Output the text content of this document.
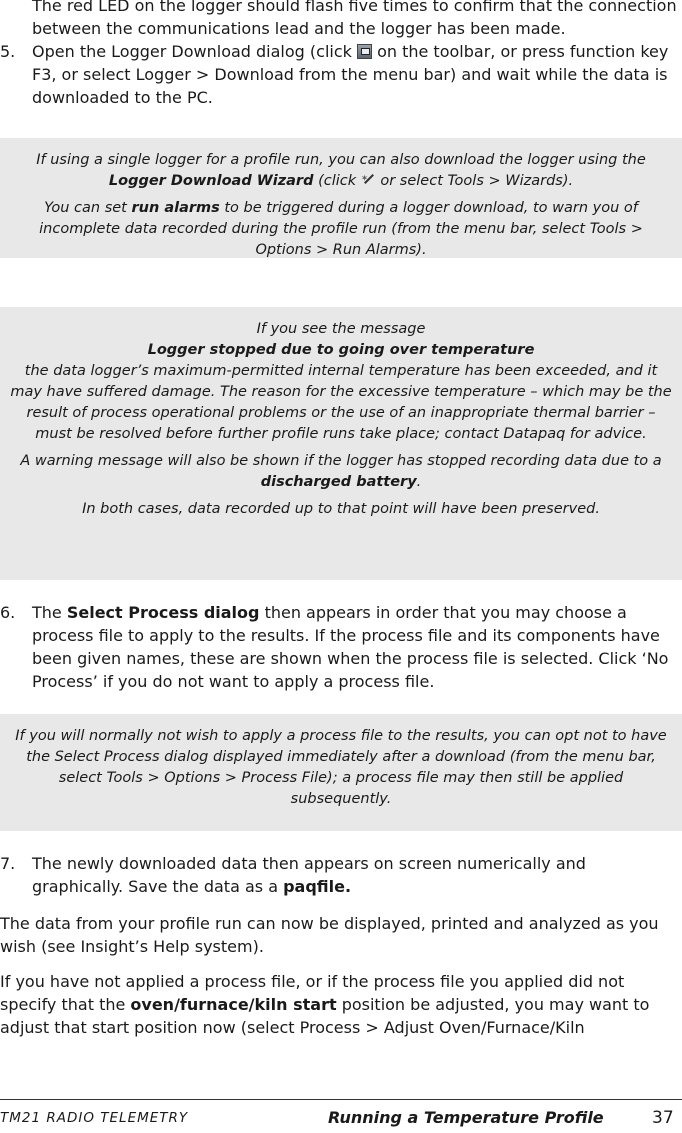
The red LED on the logger should flash five times to confirm that the connection between the communications lead and the logger has been made.
5. Open the Logger Download dialog (click  on the toolbar, or press function key F3, or select Logger > Download from the menu bar) and wait while the data is downloaded to the PC.

If using a single logger for a profile run, you can also download the logger using the Logger Download Wizard (click ✶ or select Tools > Wizards).

You can set run alarms to be triggered during a logger download, to warn you of incomplete data recorded during the profile run (from the menu bar, select Tools > Options > Run Alarms).

If you see the message

Logger stopped due to going over temperature

the data logger’s maximum-permitted internal temperature has been exceeded, and it may have suffered damage. The reason for the excessive temperature – which may be the result of process operational problems or the use of an inappropriate thermal barrier – must be resolved before further profile runs take place; contact Datapaq for advice.

A warning message will also be shown if the logger has stopped recording data due to a discharged battery.

In both cases, data recorded up to that point will have been preserved.

6. The Select Process dialog then appears in order that you may choose a process file to apply to the results. If the process file and its components have been given names, these are shown when the process file is selected. Click ‘No Process’ if you do not want to apply a process file.

If you will normally not wish to apply a process file to the results, you can opt not to have the Select Process dialog displayed immediately after a download (from the menu bar, select Tools > Options > Process File); a process file may then still be applied subsequently.

7. The newly downloaded data then appears on screen numerically and graphically. Save the data as a paqfile.
The data from your profile run can now be displayed, printed and analyzed as you wish (see Insight’s Help system).
If you have not applied a process file, or if the process file you applied did not specify that the oven/furnace/kiln start position be adjusted, you may want to adjust that start position now (select Process > Adjust Oven/Furnace/Kiln
TM21 RADIO TELEMETRY	Running a Temperature Profile	37
